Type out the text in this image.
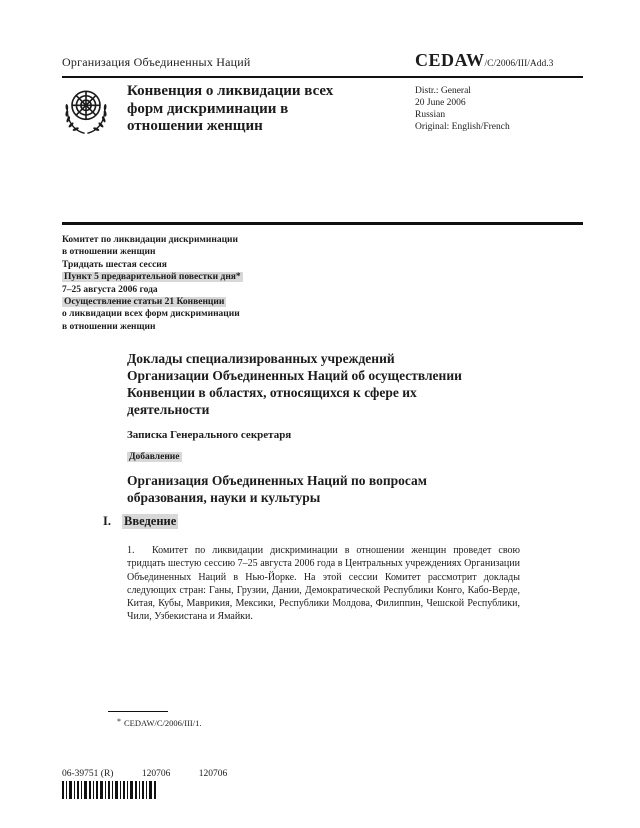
Организация Объединенных Наций	CEDAW/C/2006/III/Add.3
Конвенция о ликвидации всех
форм дискриминации в
отношении женщин
Distr.: General
20 June 2006
Russian
Original: English/French
Комитет по ликвидации дискриминации
в отношении женщин
Тридцать шестая сессия
Пункт 5 предварительной повестки дня*
7–25 августа 2006 года
Осуществление статьи 21 Конвенции
о ликвидации всех форм дискриминации
в отношении женщин
Доклады специализированных учреждений
Организации Объединенных Наций об осуществлении
Конвенции в областях, относящихся к сфере их
деятельности
Записка Генерального секретаря
Добавление
Организация Объединенных Наций по вопросам
образования, науки и культуры
I. Введение

1. Комитет по ликвидации дискриминации в отношении женщин проведет свою тридцать шестую сессию 7–25 августа 2006 года в Центральных учреждениях Организации Объединенных Наций в Нью-Йорке. На этой сессии Комитет рассмотрит доклады следующих стран: Ганы, Грузии, Дании, Демократической Республики Конго, Кабо-Верде, Китая, Кубы, Маврикия, Мексики, Республики Молдова, Филиппин, Чешской Республики, Чили, Узбекистана и Ямайки.

* CEDAW/C/2006/III/1.
06-39751 (R)	120706	120706
